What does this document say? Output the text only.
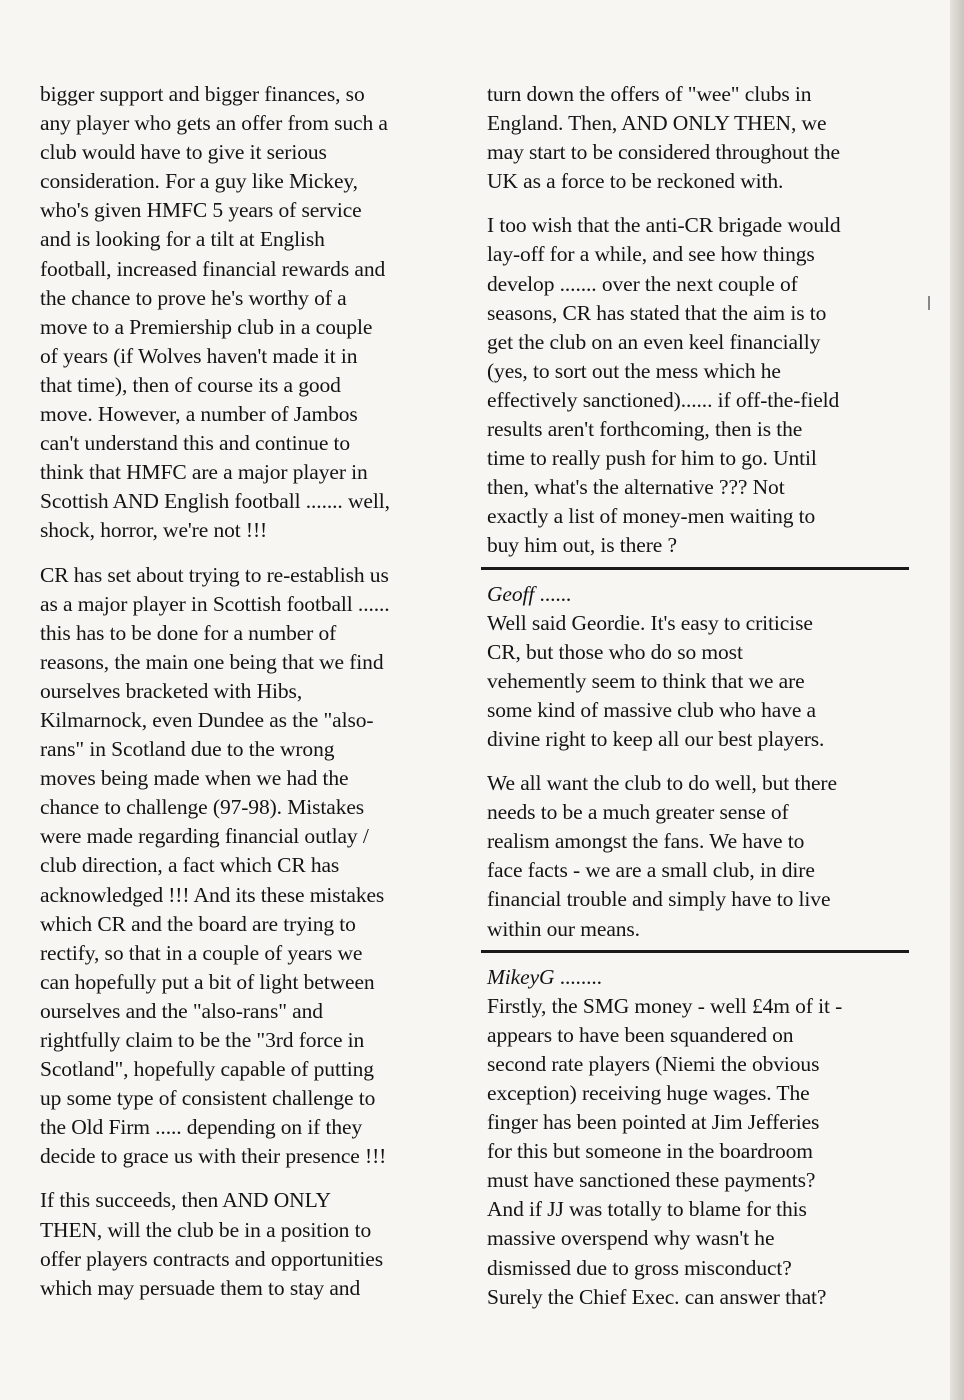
bigger support and bigger finances, so
any player who gets an offer from such a
club would have to give it serious
consideration. For a guy like Mickey,
who's given HMFC 5 years of service
and is looking for a tilt at English
football, increased financial rewards and
the chance to prove he's worthy of a
move to a Premiership club in a couple
of years (if Wolves haven't made it in
that time), then of course its a good
move. However, a number of Jambos
can't understand this and continue to
think that HMFC are a major player in
Scottish AND English football ....... well,
shock, horror, we're not !!!
CR has set about trying to re-establish us
as a major player in Scottish football ......
this has to be done for a number of
reasons, the main one being that we find
ourselves bracketed with Hibs,
Kilmarnock, even Dundee as the "also-
rans" in Scotland due to the wrong
moves being made when we had the
chance to challenge (97-98). Mistakes
were made regarding financial outlay /
club direction, a fact which CR has
acknowledged !!! And its these mistakes
which CR and the board are trying to
rectify, so that in a couple of years we
can hopefully put a bit of light between
ourselves and the "also-rans" and
rightfully claim to be the "3rd force in
Scotland", hopefully capable of putting
up some type of consistent challenge to
the Old Firm ..... depending on if they
decide to grace us with their presence !!!
If this succeeds, then AND ONLY
THEN, will the club be in a position to
offer players contracts and opportunities
which may persuade them to stay and
turn down the offers of "wee" clubs in
England. Then, AND ONLY THEN, we
may start to be considered throughout the
UK as a force to be reckoned with.
I too wish that the anti-CR brigade would
lay-off for a while, and see how things
develop ....... over the next couple of
seasons, CR has stated that the aim is to
get the club on an even keel financially
(yes, to sort out the mess which he
effectively sanctioned)...... if off-the-field
results aren't forthcoming, then is the
time to really push for him to go. Until
then, what's the alternative ??? Not
exactly a list of money-men waiting to
buy him out, is there ?
Geoff ......
Well said Geordie. It's easy to criticise
CR, but those who do so most
vehemently seem to think that we are
some kind of massive club who have a
divine right to keep all our best players.
We all want the club to do well, but there
needs to be a much greater sense of
realism amongst the fans. We have to
face facts - we are a small club, in dire
financial trouble and simply have to live
within our means.
MikeyG ........
Firstly, the SMG money - well £4m of it -
appears to have been squandered on
second rate players (Niemi the obvious
exception) receiving huge wages. The
finger has been pointed at Jim Jefferies
for this but someone in the boardroom
must have sanctioned these payments?
And if JJ was totally to blame for this
massive overspend why wasn't he
dismissed due to gross misconduct?
Surely the Chief Exec. can answer that?
